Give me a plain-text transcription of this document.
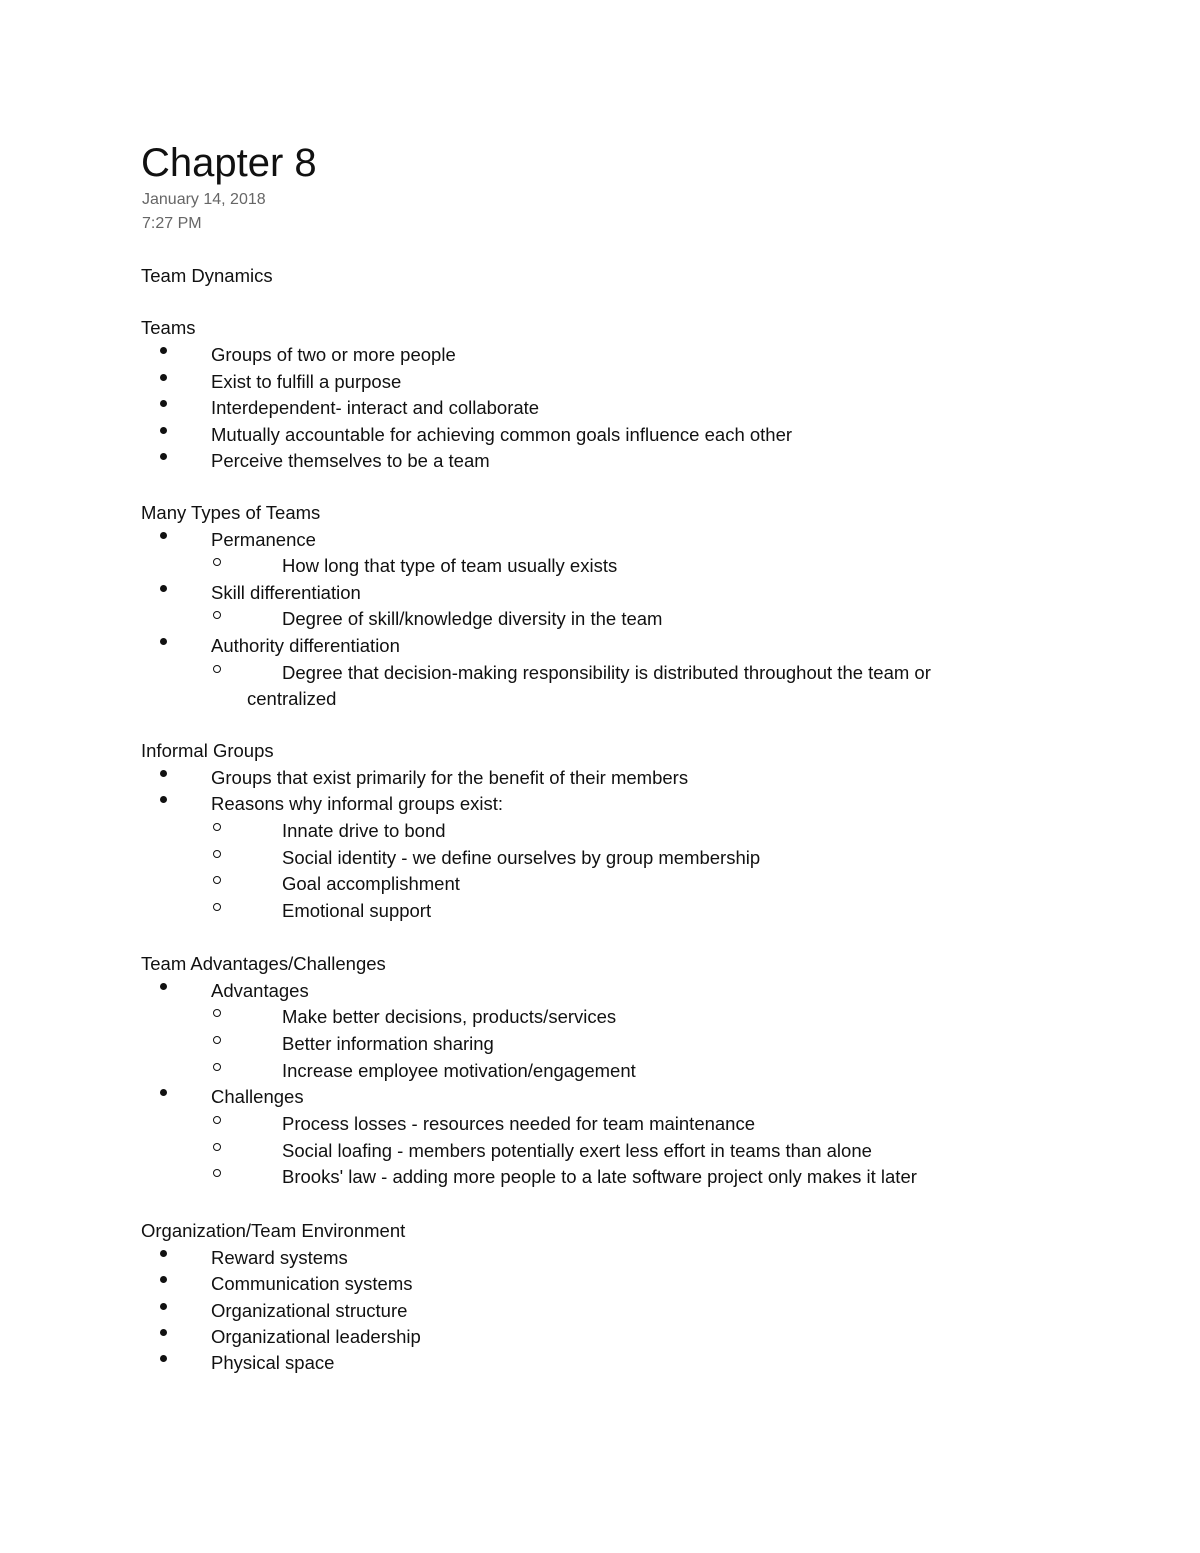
Chapter 8
January 14, 2018
7:27 PM
Team Dynamics
Teams
Groups of two or more people
Exist to fulfill a purpose
Interdependent- interact and collaborate
Mutually accountable for achieving common goals influence each other
Perceive themselves to be a team
Many Types of Teams
Permanence
How long that type of team usually exists
Skill differentiation
Degree of skill/knowledge diversity in the team
Authority differentiation
Degree that decision-making responsibility is distributed throughout the team or
centralized
Informal Groups
Groups that exist primarily for the benefit of their members
Reasons why informal groups exist:
Innate drive to bond
Social identity - we define ourselves by group membership
Goal accomplishment
Emotional support
Team Advantages/Challenges
Advantages
Make better decisions, products/services
Better information sharing
Increase employee motivation/engagement
Challenges
Process losses - resources needed for team maintenance
Social loafing - members potentially exert less effort in teams than alone
Brooks' law - adding more people to a late software project only makes it later
Organization/Team Environment
Reward systems
Communication systems
Organizational structure
Organizational leadership
Physical space
